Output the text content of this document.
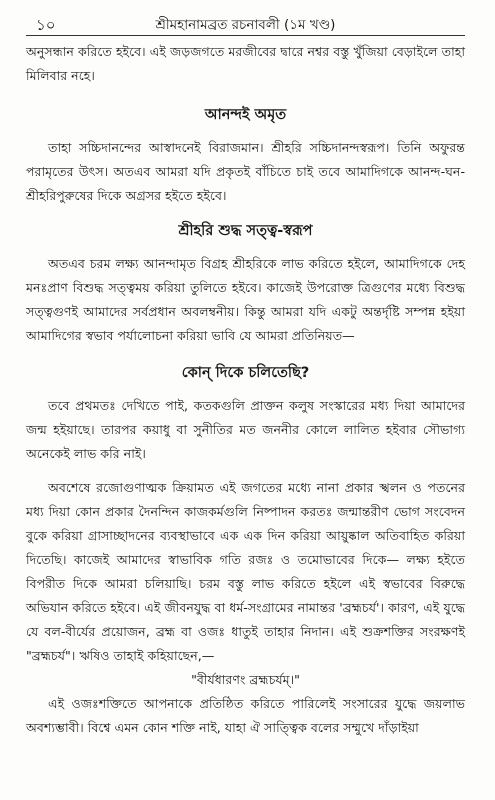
১০	শ্রীমহানামব্রত রচনাবলী (১ম খণ্ড)

অনুসন্ধান করিতে হইবে। এই জড়জগতে মরজীবের দ্বারে নশ্বর বস্তু খুঁজিয়া বেড়াইলে তাহা মিলিবার নহে।

আনন্দই অমৃত

তাহা সচ্চিদানন্দের আস্বাদনেই বিরাজমান। শ্রীহরি সচ্চিদানন্দস্বরূপ। তিনি অফুরন্ত পরামৃতের উৎস। অতএব আমরা যদি প্রকৃতই বাঁচিতে চাই তবে আমাদিগকে আনন্দ-ঘন-শ্রীহরিপুরুষের দিকে অগ্রসর হইতে হইবে।

শ্রীহরি শুদ্ধ সত্ত্ব-স্বরূপ

অতএব চরম লক্ষ্য আনন্দামৃত বিগ্রহ শ্রীহরিকে লাভ করিতে হইলে, আমাদিগকে দেহ মনঃপ্রাণ বিশুদ্ধ সত্ত্বময় করিয়া তুলিতে হইবে। কাজেই উপরোক্ত ত্রিগুণের মধ্যে বিশুদ্ধ সত্ত্বগুণই আমাদের সর্বপ্রধান অবলম্বনীয়। কিন্তু আমরা যদি একটু অন্তর্দৃষ্টি সম্পন্ন হইয়া আমাদিগের স্বভাব পর্যালোচনা করিয়া ভাবি যে আমরা প্রতিনিয়ত—

কোন্ দিকে চলিতেছি?

তবে প্রথমতঃ দেখিতে পাই, কতকগুলি প্রাক্তন কলুষ সংস্কারের মধ্য দিয়া আমাদের জন্ম হইয়াছে। তারপর কয়াধু বা সুনীতির মত জননীর কোলে লালিত হইবার সৌভাগ্য অনেকেই লাভ করি নাই।

অবশেষে রজোগুণাত্মক ক্রিয়ামত এই জগতের মধ্যে নানা প্রকার স্খলন ও পতনের মধ্য দিয়া কোন প্রকার দৈনন্দিন কাজকর্মগুলি নিষ্পাদন করতঃ জন্মান্তরীণ ভোগ সংবেদন বুকে করিয়া গ্রাসাচ্ছাদনের ব্যবস্থাভাবে এক এক দিন করিয়া আয়ুষ্কাল অতিবাহিত করিয়া দিতেছি। কাজেই আমাদের স্বাভাবিক গতি রজঃ ও তমোভাবের দিকে— লক্ষ্য হইতে বিপরীত দিকে আমরা চলিয়াছি। চরম বস্তু লাভ করিতে হইলে এই স্বভাবের বিরুদ্ধে অভিযান করিতে হইবে। এই জীবনযুদ্ধ বা ধর্ম-সংগ্রামের নামান্তর 'ব্রহ্মচর্য'। কারণ, এই যুদ্ধে যে বল-বীর্যের প্রয়োজন, ব্রহ্ম বা ওজঃ ধাতুই তাহার নিদান। এই শুক্রশক্তির সংরক্ষণই "ব্রহ্মচর্য"। ঋষিও তাহাই কহিয়াছেন,—

"বীর্যধারণং ব্রহ্মচর্যম্।"

এই ওজঃশক্তিতে আপনাকে প্রতিষ্ঠিত করিতে পারিলেই সংসারের যুদ্ধে জয়লাভ অবশ্যম্ভাবী। বিশ্বে এমন কোন শক্তি নাই, যাহা ঐ সাত্ত্বিক বলের সম্মুখে দাঁড়াইয়া
